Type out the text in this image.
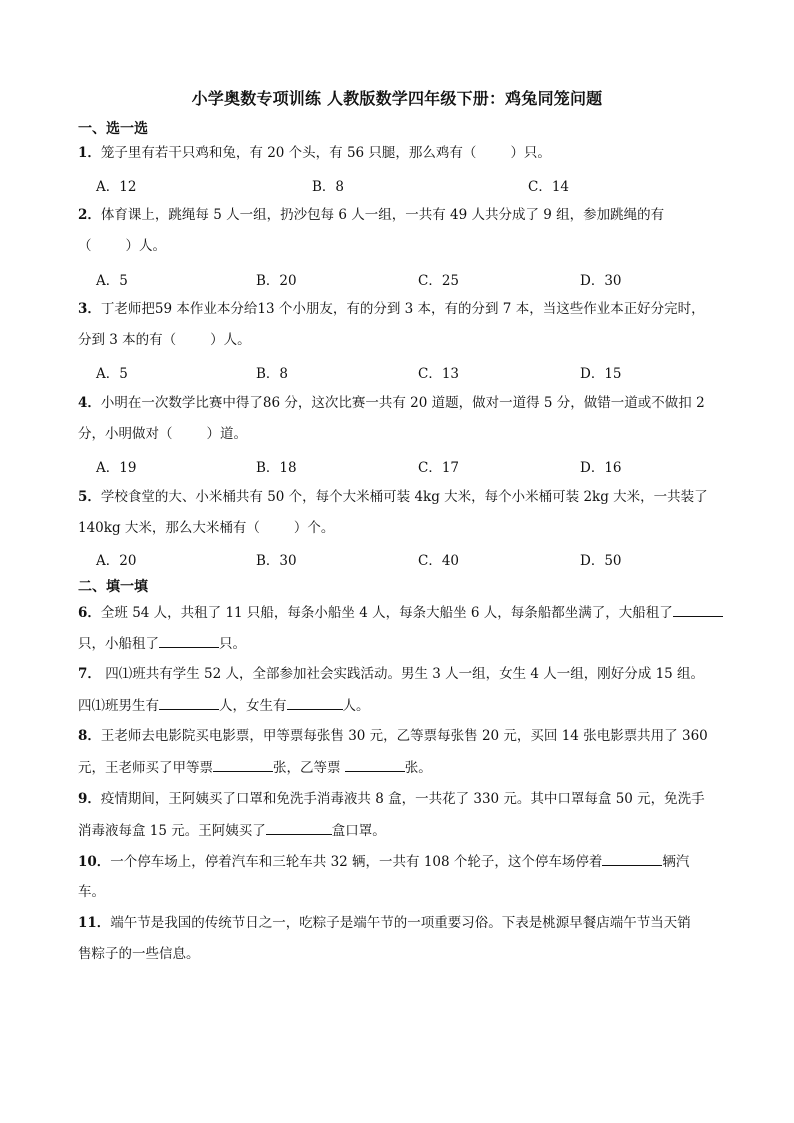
小学奥数专项训练 人教版数学四年级下册：鸡兔同笼问题
一、选一选
1．笼子里有若干只鸡和兔，有 20 个头，有 56 只腿，那么鸡有（	）只。
A．12	B．8	C．14
2．体育课上，跳绳每 5 人一组，扔沙包每 6 人一组，一共有 49 人共分成了 9 组，参加跳绳的有
（	）人。
A．5	B．20	C．25	D．30
3．丁老师把59 本作业本分给13 个小朋友，有的分到 3 本，有的分到 7 本，当这些作业本正好分完时，
分到 3 本的有（	）人。
A．5	B．8	C．13	D．15
4．小明在一次数学比赛中得了86 分，这次比赛一共有 20 道题，做对一道得 5 分，做错一道或不做扣 2
分，小明做对（	）道。
A．19	B．18	C．17	D．16
5．学校食堂的大、小米桶共有 50 个，每个大米桶可装 4kg 大米，每个小米桶可装 2kg 大米，一共装了
140kg 大米，那么大米桶有（	）个。
A．20	B．30	C．40	D．50
二、填一填
6．全班 54 人，共租了 11 只船，每条小船坐 4 人，每条大船坐 6 人，每条船都坐满了，大船租了
只，小船租了	只。
7． 四⑴班共有学生 52 人，全部参加社会实践活动。男生 3 人一组，女生 4 人一组，刚好分成 15 组。
四⑴班男生有	人，女生有	人。
8．王老师去电影院买电影票，甲等票每张售 30 元，乙等票每张售 20 元，买回 14 张电影票共用了 360
元，王老师买了甲等票	张，乙等票	张。
9．疫情期间，王阿姨买了口罩和免洗手消毒液共 8 盒，一共花了 330 元。其中口罩每盒 50 元，免洗手
消毒液每盒 15 元。王阿姨买了	盒口罩。
10．一个停车场上，停着汽车和三轮车共 32 辆，一共有 108 个轮子，这个停车场停着	辆汽
车。
11．端午节是我国的传统节日之一，吃粽子是端午节的一项重要习俗。下表是桃源早餐店端午节当天销
售粽子的一些信息。
